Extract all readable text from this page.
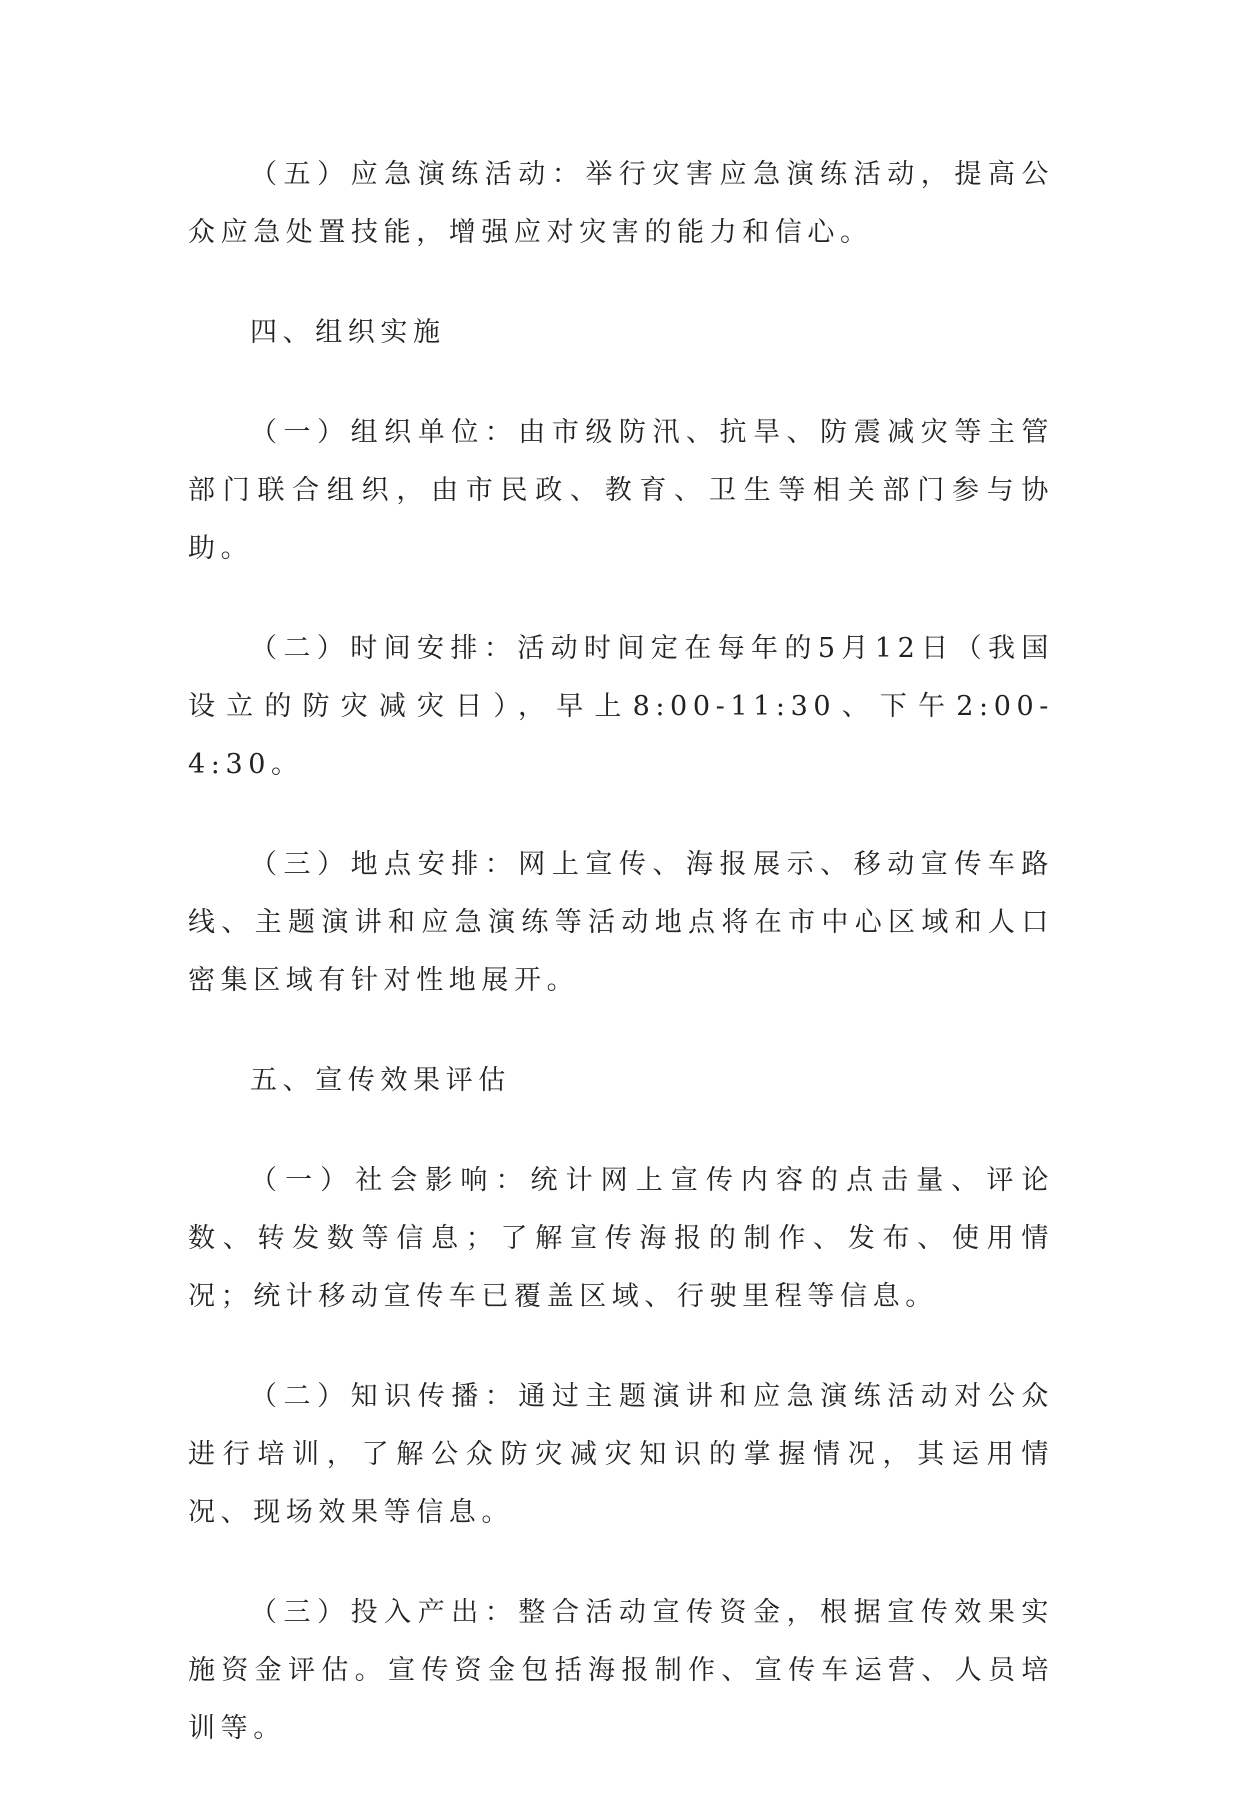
（五）应急演练活动：举行灾害应急演练活动，提高公众应急处置技能，增强应对灾害的能力和信心。

四、组织实施

（一）组织单位：由市级防汛、抗旱、防震减灾等主管部门联合组织，由市民政、教育、卫生等相关部门参与协助。

（二）时间安排：活动时间定在每年的5月12日（我国设立的防灾减灾日），早上8:00-11:30、下午2:00-4:30。

（三）地点安排：网上宣传、海报展示、移动宣传车路线、主题演讲和应急演练等活动地点将在市中心区域和人口密集区域有针对性地展开。

五、宣传效果评估

（一）社会影响：统计网上宣传内容的点击量、评论数、转发数等信息；了解宣传海报的制作、发布、使用情况；统计移动宣传车已覆盖区域、行驶里程等信息。

（二）知识传播：通过主题演讲和应急演练活动对公众进行培训，了解公众防灾减灾知识的掌握情况，其运用情况、现场效果等信息。

（三）投入产出：整合活动宣传资金，根据宣传效果实施资金评估。宣传资金包括海报制作、宣传车运营、人员培训等。
